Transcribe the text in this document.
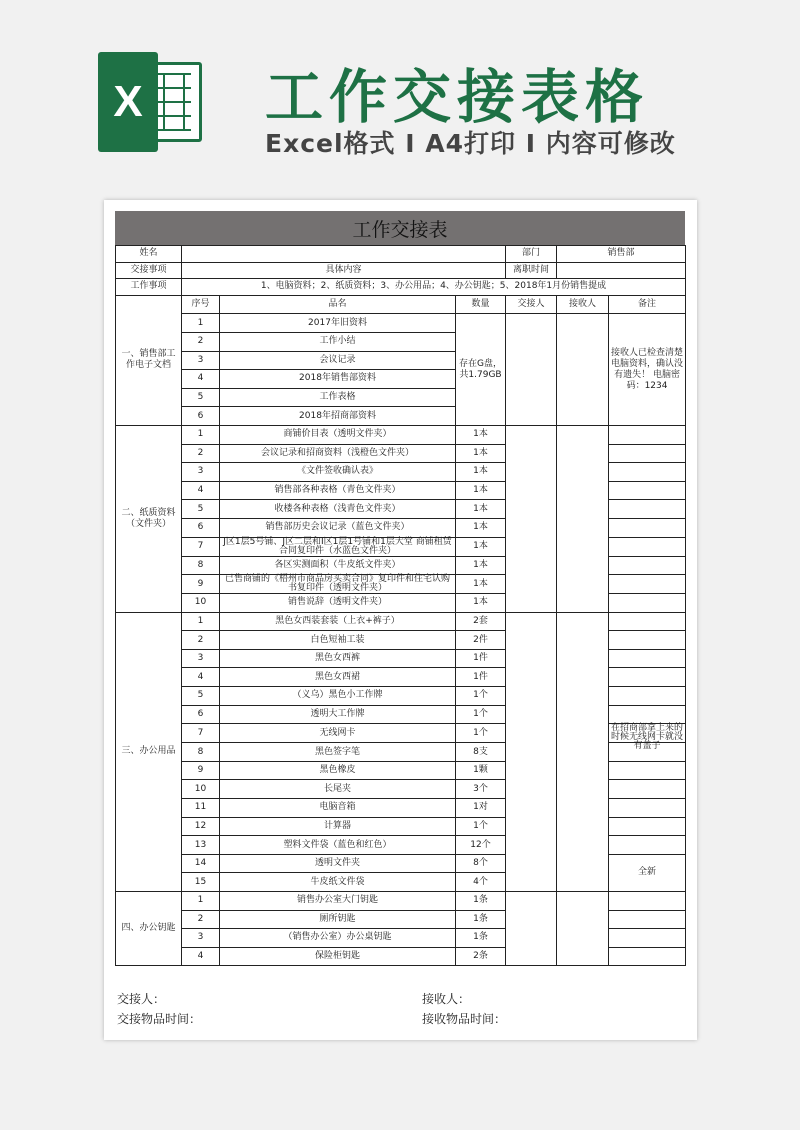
X 工作交接表格
Excel格式 I A4打印 I 内容可修改
工作交接表
姓名				部门	销售部	
交接事项	具体内容			离职时间		
工作事项	1、电脑资料；2、纸质资料；3、办公用品；4、办公钥匙；5、2018年1月份销售提成					
一、销售部工作电子文档	序号	品名	数量	交接人	接收人	备注
	1	2017年旧资料	存在G盘，共1.79GB			接收人已检查清楚电脑资料，确认没有遗失！ 电脑密码：1234
	2	工作小结				

	3	会议记录				

	4	2018年销售部资料				

	5	工作表格				

	6	2018年招商部资料				

二、纸质资料（文件夹）	1	商铺价目表（透明文件夹）	1本			
	2	会议记录和招商资料（浅橙色文件夹）	1本			
	3	《文件签收确认表》	1本			
	4	销售部各种表格（青色文件夹）	1本			
	5	收楼各种表格（浅青色文件夹）	1本			
	6	销售部历史会议记录（蓝色文件夹）	1本			
	7	J区1层5号铺、J区二层和I区1层1号铺和1层大堂 商铺租赁合同复印件（水蓝色文件夹）	1本			
	8	各区实测面积（牛皮纸文件夹）	1本			
	9	已售商铺的《梧州市商品房买卖合同》复印件和住宅认购书复印件（透明文件夹）	1本			
	10	销售说辞（透明文件夹）	1本			
三、办公用品	1	黑色女西装套装（上衣+裤子）	2套			
	2	白色短袖工装	2件			
	3	黑色女西裤	1件			
	4	黑色女西裙	1件			
	5	（义乌）黑色小工作牌	1个			
	6	透明大工作牌	1个			
	7	无线网卡	1个			在招商部拿上来的时候无线网卡就没有盖子

	8	黑色签字笔	8支			
	9	黑色橡皮	1颗			
	10	长尾夹	3个			
	11	电脑音箱	1对			
	12	计算器	1个			
	13	塑料文件袋（蓝色和红色）	12个			
	14	透明文件夹	8个			全新
	15	牛皮纸文件袋	4个			
四、办公钥匙	1	销售办公室大门钥匙	1条			
	2	厕所钥匙	1条			
	3	（销售办公室）办公桌钥匙	1条			
	4	保险柜钥匙	2条			
交接人：
交接物品时间：
接收人：
接收物品时间：
